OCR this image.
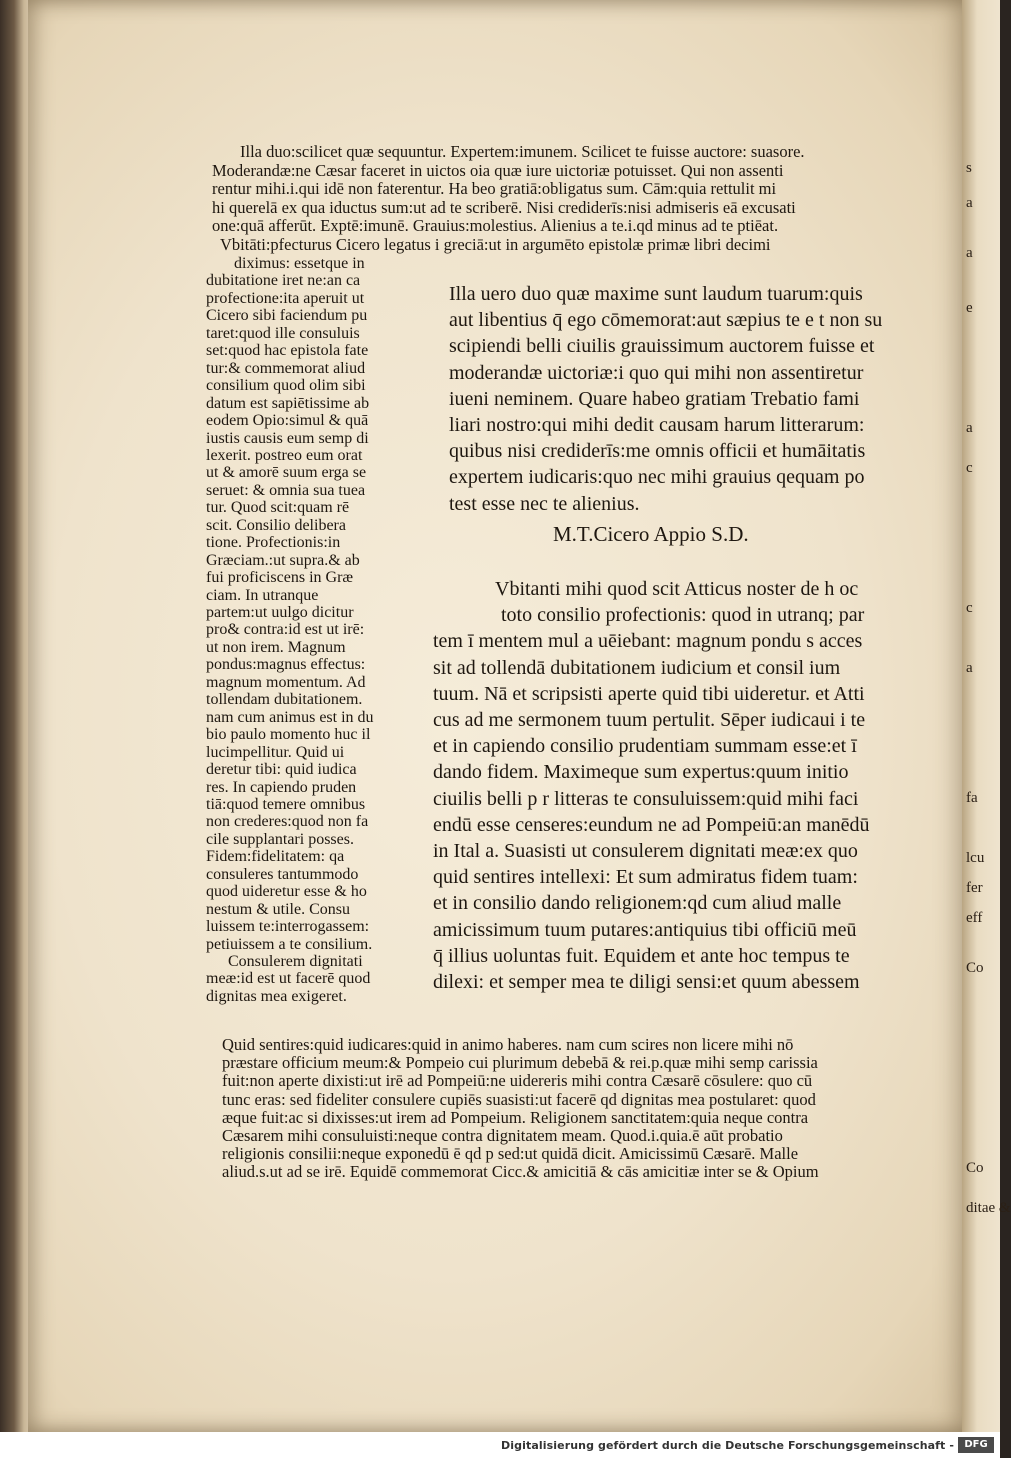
Illa duo:scilicet quæ sequuntur. Expertem:imunem. Scilicet te fuisse auctore: suasore.
Moderandæ:ne Cæsar faceret in uictos oia quæ iure uictoriæ potuisset. Qui non assenti
rentur mihi.i.qui idē non faterentur. Ha beo gratiā:obligatus sum. Cām:quia rettulit mi
hi querelā ex qua iductus sum:ut ad te scriberē. Nisi crediderīs:nisi admiseris eā excusati
one:quā afferūt. Exptē:imunē. Grauius:molestius. Alienius a te.i.qd minus ad te ptiēat.
Vbitāti:pfecturus Cicero legatus i greciā:ut in argumēto epistolæ primæ libri decimi
diximus: essetque in
dubitatione iret ne:an ca
profectione:ita aperuit ut
Cicero sibi faciendum pu
taret:quod ille consuluis
set:quod hac epistola fate
tur:& commemorat aliud
consilium quod olim sibi
datum est sapiētissime ab
eodem Opio:simul & quā
iustis causis eum semp di
lexerit. postreo eum orat
ut & amorē suum erga se
seruet: & omnia sua tuea
tur. Quod scit:quam rē
scit. Consilio delibera
tione. Profectionis:in
Græciam.:ut supra.& ab
fui proficiscens in Græ
ciam. In utranque
partem:ut uulgo dicitur
pro& contra:id est ut irē:
ut non irem. Magnum
pondus:magnus effectus:
magnum momentum. Ad
tollendam dubitationem.
nam cum animus est in du
bio paulo momento huc il
lucimpellitur. Quid ui
deretur tibi: quid iudica
res. In capiendo pruden
tiā:quod temere omnibus
non crederes:quod non fa
cile supplantari posses.
Fidem:fidelitatem: qa
consuleres tantummodo
quod uideretur esse & ho
nestum & utile. Consu
luissem te:interrogassem:
petiuissem a te consilium.
Consulerem dignitati
meæ:id est ut facerē quod
dignitas mea exigeret.
Illa uero duo quæ maxime sunt laudum tuarum:quis
aut libentius q̄ ego cōmemorat:aut sæpius te e t non su
scipiendi belli ciuilis grauissimum auctorem fuisse et
moderandæ uictoriæ:i quo qui mihi non assentiretur
iueni neminem. Quare habeo gratiam Trebatio fami
liari nostro:qui mihi dedit causam harum litterarum:
quibus nisi crediderīs:me omnis officii et humāitatis
expertem iudicaris:quo nec mihi grauius qequam po
test esse nec te alienius.
M.T.Cicero Appio S.D.
Vbitanti mihi quod scit Atticus noster de h oc
toto consilio profectionis: quod in utranq; par
tem ī mentem mul a uēiebant: magnum pondu s acces
sit ad tollendā dubitationem iudicium et consil ium
tuum. Nā et scripsisti aperte quid tibi uideretur. et Atti
cus ad me sermonem tuum pertulit. Sēper iudicaui i te
et in capiendo consilio prudentiam summam esse:et ī
dando fidem. Maximeque sum expertus:quum initio
ciuilis belli p r litteras te consuluissem:quid mihi faci
endū esse censeres:eundum ne ad Pompeiū:an manēdū
in Ital a. Suasisti ut consulerem dignitati meæ:ex quo
quid sentires intellexi: Et sum admiratus fidem tuam:
et in consilio dando religionem:qd cum aliud malle
amicissimum tuum putares:antiquius tibi officiū meū
q̄ illius uoluntas fuit. Equidem et ante hoc tempus te
dilexi: et semper mea te diligi sensi:et quum abessem
Quid sentires:quid iudicares:quid in animo haberes. nam cum scires non licere mihi nō
præstare officium meum:& Pompeio cui plurimum debebā & rei.p.quæ mihi semp carissia
fuit:non aperte dixisti:ut irē ad Pompeiū:ne uidereris mihi contra Cæsarē cōsulere: quo cū
tunc eras: sed fideliter consulere cupiēs suasisti:ut facerē qd dignitas mea postularet: quod
æque fuit:ac si dixisses:ut irem ad Pompeium. Religionem sanctitatem:quia neque contra
Cæsarem mihi consuluisti:neque contra dignitatem meam. Quod.i.quia.ē aūt probatio
religionis consilii:neque exponedū ē qd p sed:ut quidā dicit. Amicissimū Cæsarē. Malle
aliud.s.ut ad se irē. Equidē commemorat Cicc.& amicitiā & cās amicitiæ inter se & Opium
s
a
a
e
a
c
c
a
fa
lcu
fer
eff
Co
Co
ditae &
Digitalisierung gefördert durch die Deutsche Forschungsgemeinschaft -	DFG
